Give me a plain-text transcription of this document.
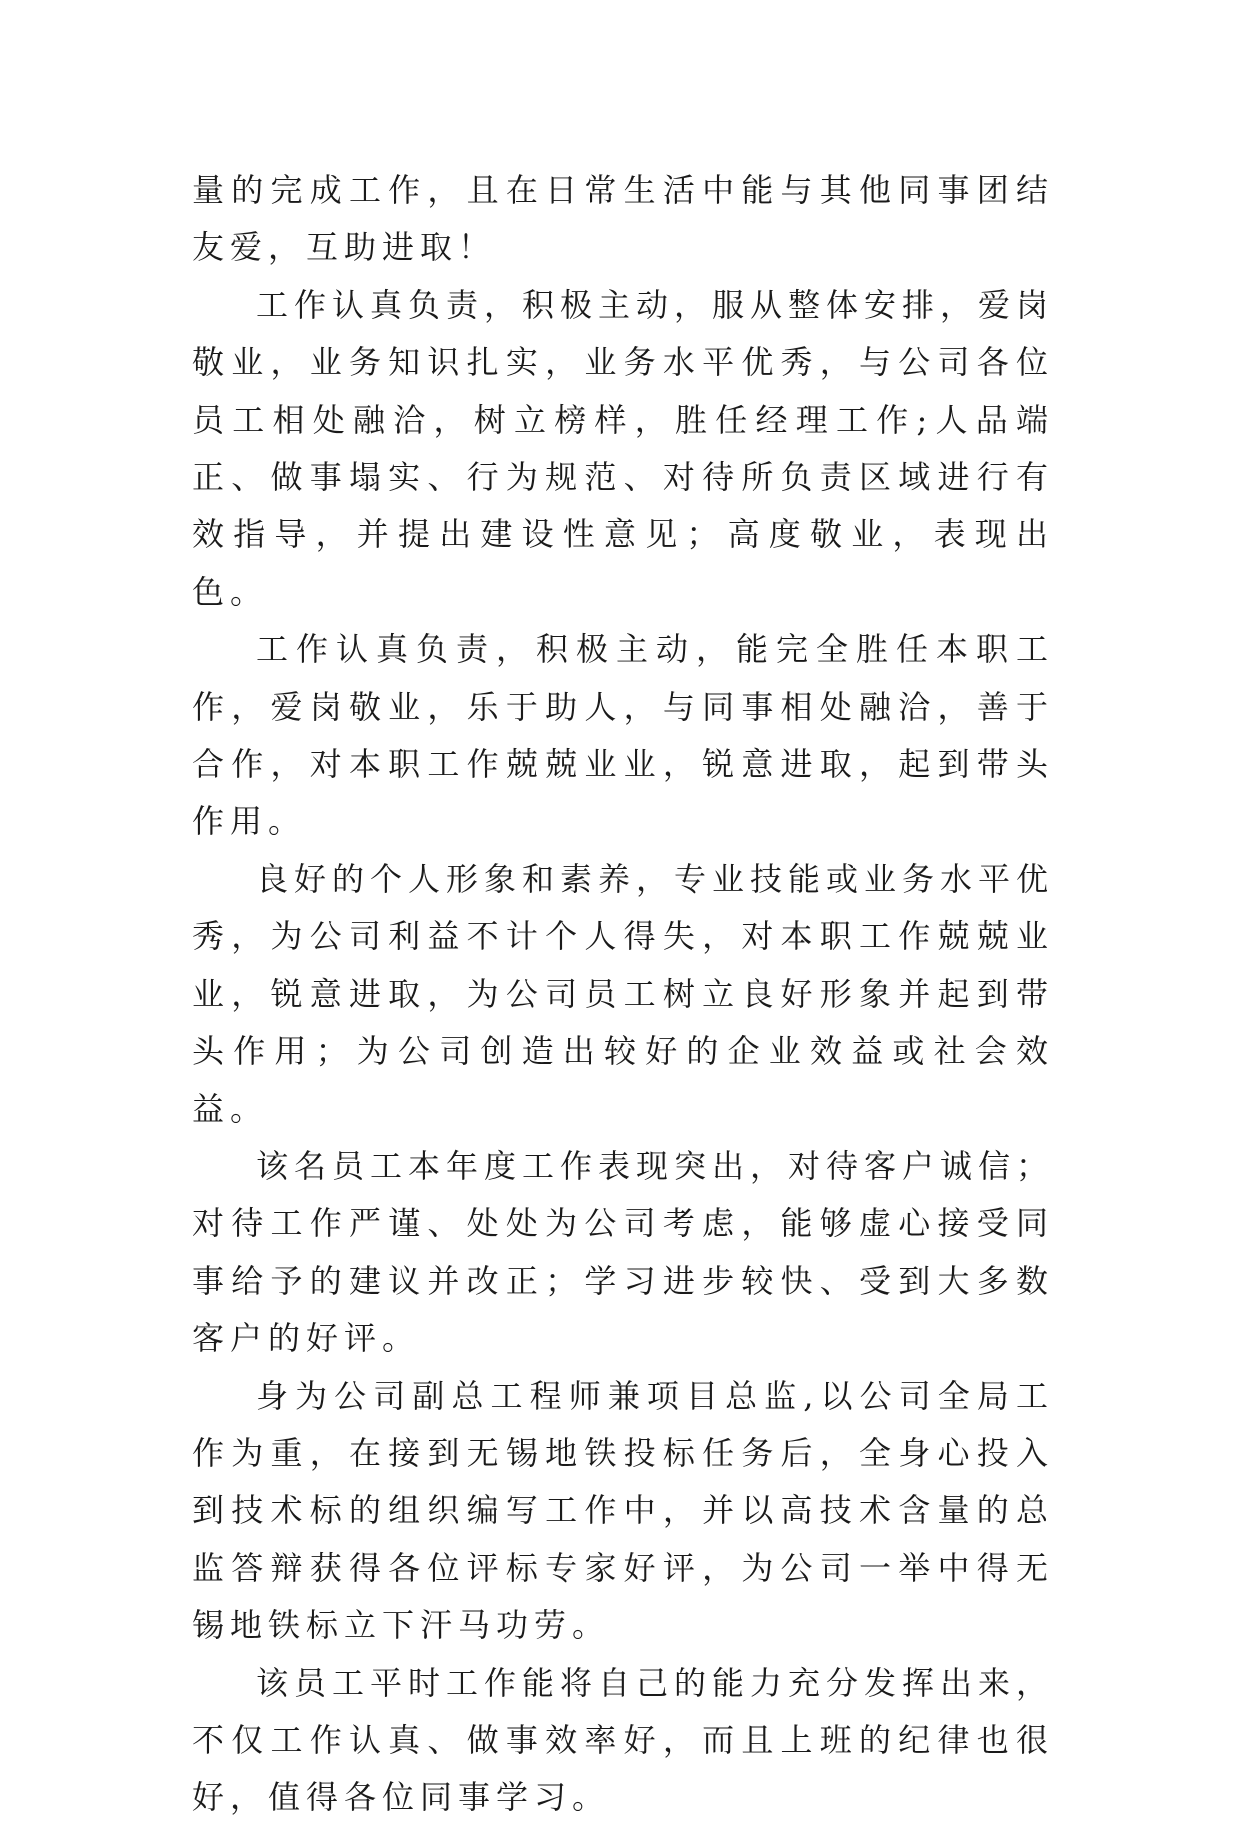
量的完成工作，且在日常生活中能与其他同事团结友爱，互助进取！

工作认真负责，积极主动，服从整体安排，爱岗敬业，业务知识扎实，业务水平优秀，与公司各位员工相处融洽，树立榜样，胜任经理工作;人品端正、做事塌实、行为规范、对待所负责区域进行有效指导，并提出建设性意见；高度敬业，表现出色。

工作认真负责，积极主动，能完全胜任本职工作，爱岗敬业，乐于助人，与同事相处融洽，善于合作，对本职工作兢兢业业，锐意进取，起到带头作用。

良好的个人形象和素养，专业技能或业务水平优秀，为公司利益不计个人得失，对本职工作兢兢业业，锐意进取，为公司员工树立良好形象并起到带头作用；为公司创造出较好的企业效益或社会效益。

该名员工本年度工作表现突出，对待客户诚信；对待工作严谨、处处为公司考虑，能够虚心接受同事给予的建议并改正；学习进步较快、受到大多数客户的好评。

身为公司副总工程师兼项目总监,以公司全局工作为重，在接到无锡地铁投标任务后，全身心投入到技术标的组织编写工作中，并以高技术含量的总监答辩获得各位评标专家好评，为公司一举中得无锡地铁标立下汗马功劳。

该员工平时工作能将自己的能力充分发挥出来，不仅工作认真、做事效率好，而且上班的纪律也很好，值得各位同事学习。
